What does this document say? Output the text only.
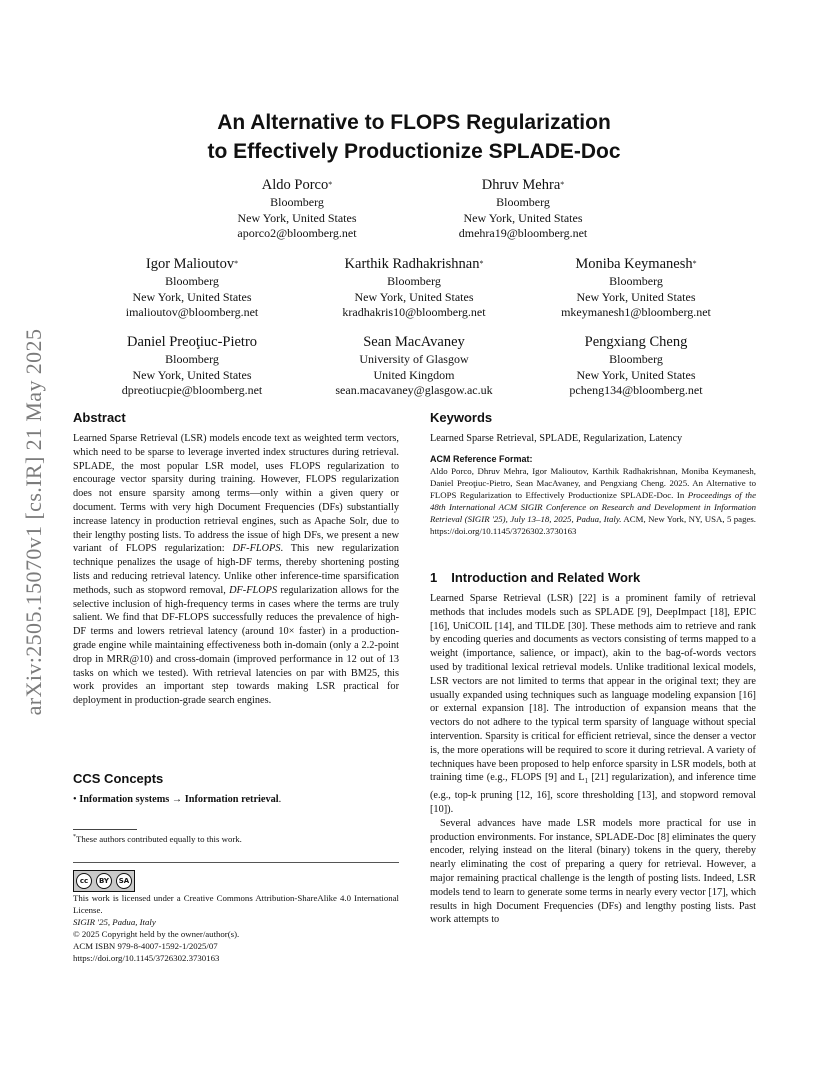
arXiv:2505.15070v1 [cs.IR] 21 May 2025
An Alternative to FLOPS Regularization
to Effectively Productionize SPLADE-Doc
Aldo Porco*
Bloomberg
New York, United States
aporco2@bloomberg.net
Dhruv Mehra*
Bloomberg
New York, United States
dmehra19@bloomberg.net
Igor Malioutov*
Bloomberg
New York, United States
imalioutov@bloomberg.net
Karthik Radhakrishnan*
Bloomberg
New York, United States
kradhakris10@bloomberg.net
Moniba Keymanesh*
Bloomberg
New York, United States
mkeymanesh1@bloomberg.net
Daniel Preoţiuc-Pietro
Bloomberg
New York, United States
dpreotiucpie@bloomberg.net
Sean MacAvaney
University of Glasgow
United Kingdom
sean.macavaney@glasgow.ac.uk
Pengxiang Cheng
Bloomberg
New York, United States
pcheng134@bloomberg.net
Abstract

Learned Sparse Retrieval (LSR) models encode text as weighted term vectors, which need to be sparse to leverage inverted index structures during retrieval. SPLADE, the most popular LSR model, uses FLOPS regularization to encourage vector sparsity during training. However, FLOPS regularization does not ensure sparsity among terms—only within a given query or document. Terms with very high Document Frequencies (DFs) substantially increase latency in production retrieval engines, such as Apache Solr, due to their lengthy posting lists. To address the issue of high DFs, we present a new variant of FLOPS regularization: DF-FLOPS. This new regularization technique penalizes the usage of high-DF terms, thereby shortening posting lists and reducing retrieval latency. Unlike other inference-time sparsification methods, such as stopword removal, DF-FLOPS regularization allows for the selective inclusion of high-frequency terms in cases where the terms are truly salient. We find that DF-FLOPS successfully reduces the prevalence of high-DF terms and lowers retrieval latency (around 10× faster) in a production-grade engine while maintaining effectiveness both in-domain (only a 2.2-point drop in MRR@10) and cross-domain (improved performance in 12 out of 13 tasks on which we tested). With retrieval latencies on par with BM25, this work provides an important step towards making LSR practical for deployment in production-grade search engines.

CCS Concepts

• Information systems → Information retrieval.

*These authors contributed equally to this work.
cc	BY	SA

This work is licensed under a Creative Commons Attribution-ShareAlike 4.0 International License.

SIGIR '25, Padua, Italy

© 2025 Copyright held by the owner/author(s).

ACM ISBN 979-8-4007-1592-1/2025/07

https://doi.org/10.1145/3726302.3730163

Keywords

Learned Sparse Retrieval, SPLADE, Regularization, Latency

ACM Reference Format:

Aldo Porco, Dhruv Mehra, Igor Malioutov, Karthik Radhakrishnan, Moniba Keymanesh, Daniel Preoţiuc-Pietro, Sean MacAvaney, and Pengxiang Cheng. 2025. An Alternative to FLOPS Regularization to Effectively Productionize SPLADE-Doc. In Proceedings of the 48th International ACM SIGIR Conference on Research and Development in Information Retrieval (SIGIR '25), July 13–18, 2025, Padua, Italy. ACM, New York, NY, USA, 5 pages. https://doi.org/10.1145/3726302.3730163

1 Introduction and Related Work

Learned Sparse Retrieval (LSR) [22] is a prominent family of retrieval methods that includes models such as SPLADE [9], DeepImpact [18], EPIC [16], UniCOIL [14], and TILDE [30]. These methods aim to retrieve and rank by encoding queries and documents as vectors consisting of terms mapped to a weight (importance, salience, or impact), akin to the bag-of-words vectors used by traditional lexical retrieval models. Unlike traditional lexical models, LSR vectors are not limited to terms that appear in the original text; they are usually expanded using techniques such as language modeling expansion [16] or external expansion [18]. The introduction of expansion means that the vectors do not adhere to the typical term sparsity of language without special intervention. Sparsity is critical for efficient retrieval, since the denser a vector is, the more operations will be required to score it during retrieval. A variety of techniques have been proposed to help enforce sparsity in LSR models, both at training time (e.g., FLOPS [9] and $L_1$ [21] regularization), and inference time (e.g., top-k pruning [12, 16], score thresholding [13], and stopword removal [10]).

Several advances have made LSR models more practical for use in production environments. For instance, SPLADE-Doc [8] eliminates the query encoder, relying instead on the literal (binary) tokens in the query, thereby nearly eliminating the cost of preparing a query for retrieval. However, a major remaining practical challenge is the length of posting lists. Indeed, LSR models tend to learn to generate some terms in nearly every vector [17], which results in high Document Frequencies (DFs) and lengthy posting lists. Past work attempts to
